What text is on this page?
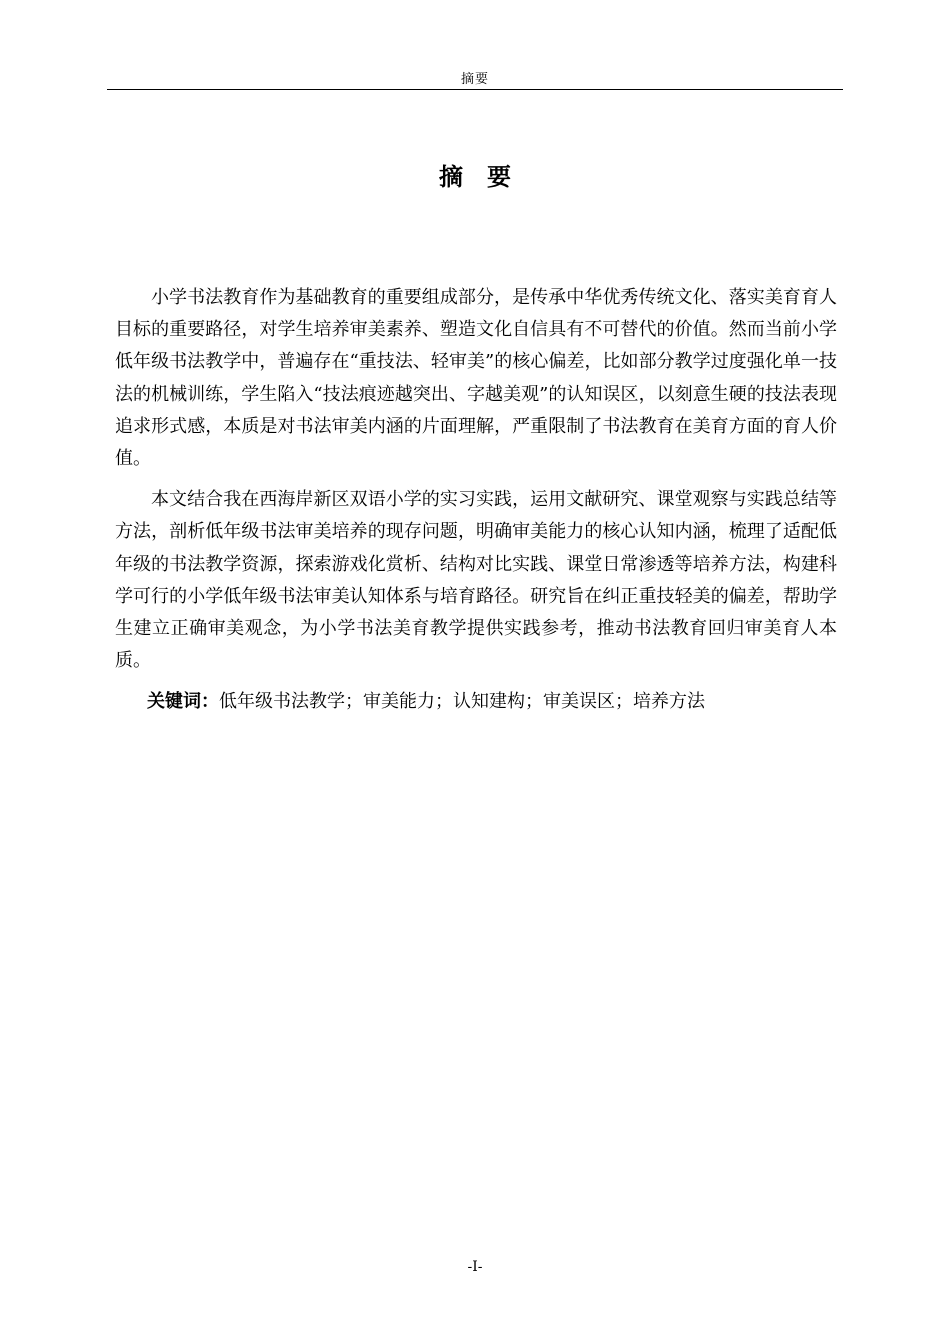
摘要
摘 要

小学书法教育作为基础教育的重要组成部分，是传承中华优秀传统文化、落实美育育人目标的重要路径，对学生培养审美素养、塑造文化自信具有不可替代的价值。然而当前小学低年级书法教学中，普遍存在“重技法、轻审美”的核心偏差，比如部分教学过度强化单一技法的机械训练，学生陷入“技法痕迹越突出、字越美观”的认知误区，以刻意生硬的技法表现追求形式感，本质是对书法审美内涵的片面理解，严重限制了书法教育在美育方面的育人价值。

本文结合我在西海岸新区双语小学的实习实践，运用文献研究、课堂观察与实践总结等方法，剖析低年级书法审美培养的现存问题，明确审美能力的核心认知内涵，梳理了适配低年级的书法教学资源，探索游戏化赏析、结构对比实践、课堂日常渗透等培养方法，构建科学可行的小学低年级书法审美认知体系与培育路径。研究旨在纠正重技轻美的偏差，帮助学生建立正确审美观念，为小学书法美育教学提供实践参考，推动书法教育回归审美育人本质。

关键词：低年级书法教学；审美能力；认知建构；审美误区；培养方法

-I-
